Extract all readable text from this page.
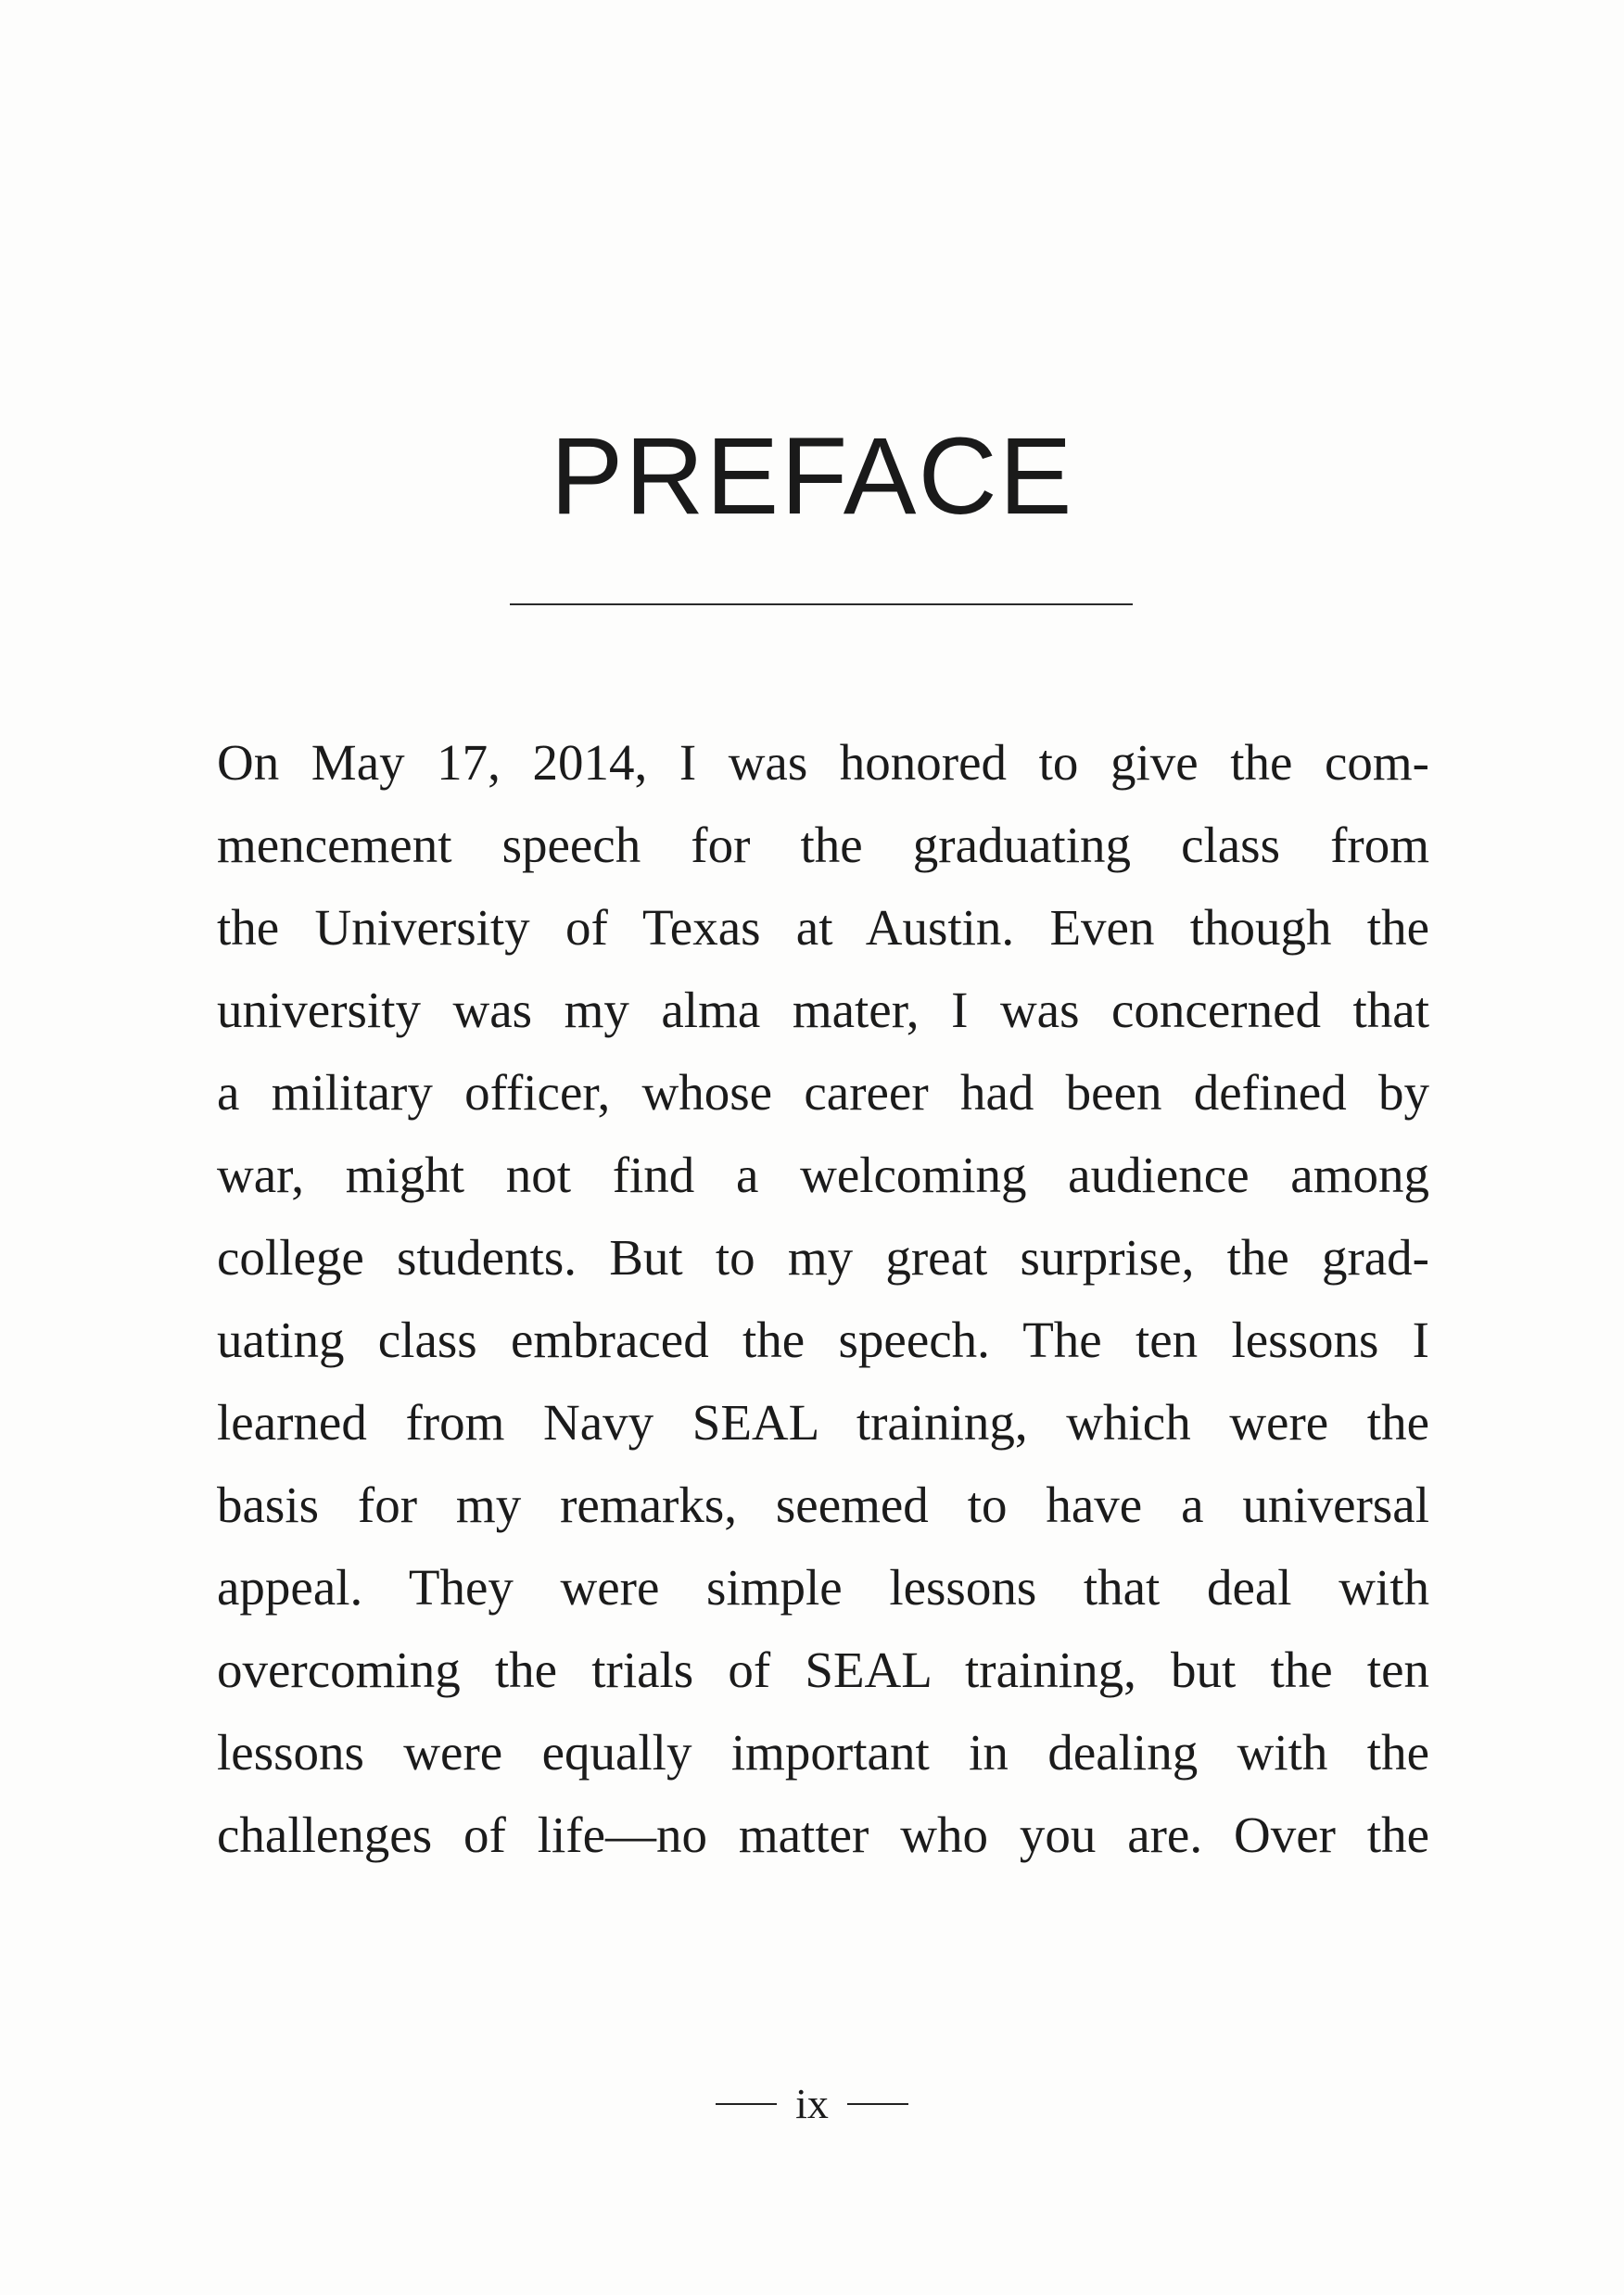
PREFACE
On May 17, 2014, I was honored to give the com-
mencement speech for the graduating class from
the University of Texas at Austin. Even though the
university was my alma mater, I was concerned that
a military officer, whose career had been defined by
war, might not find a welcoming audience among
college students. But to my great surprise, the grad-
uating class embraced the speech. The ten lessons I
learned from Navy SEAL training, which were the
basis for my remarks, seemed to have a universal
appeal. They were simple lessons that deal with
overcoming the trials of SEAL training, but the ten
lessons were equally important in dealing with the
challenges of life—no matter who you are. Over the
ix
